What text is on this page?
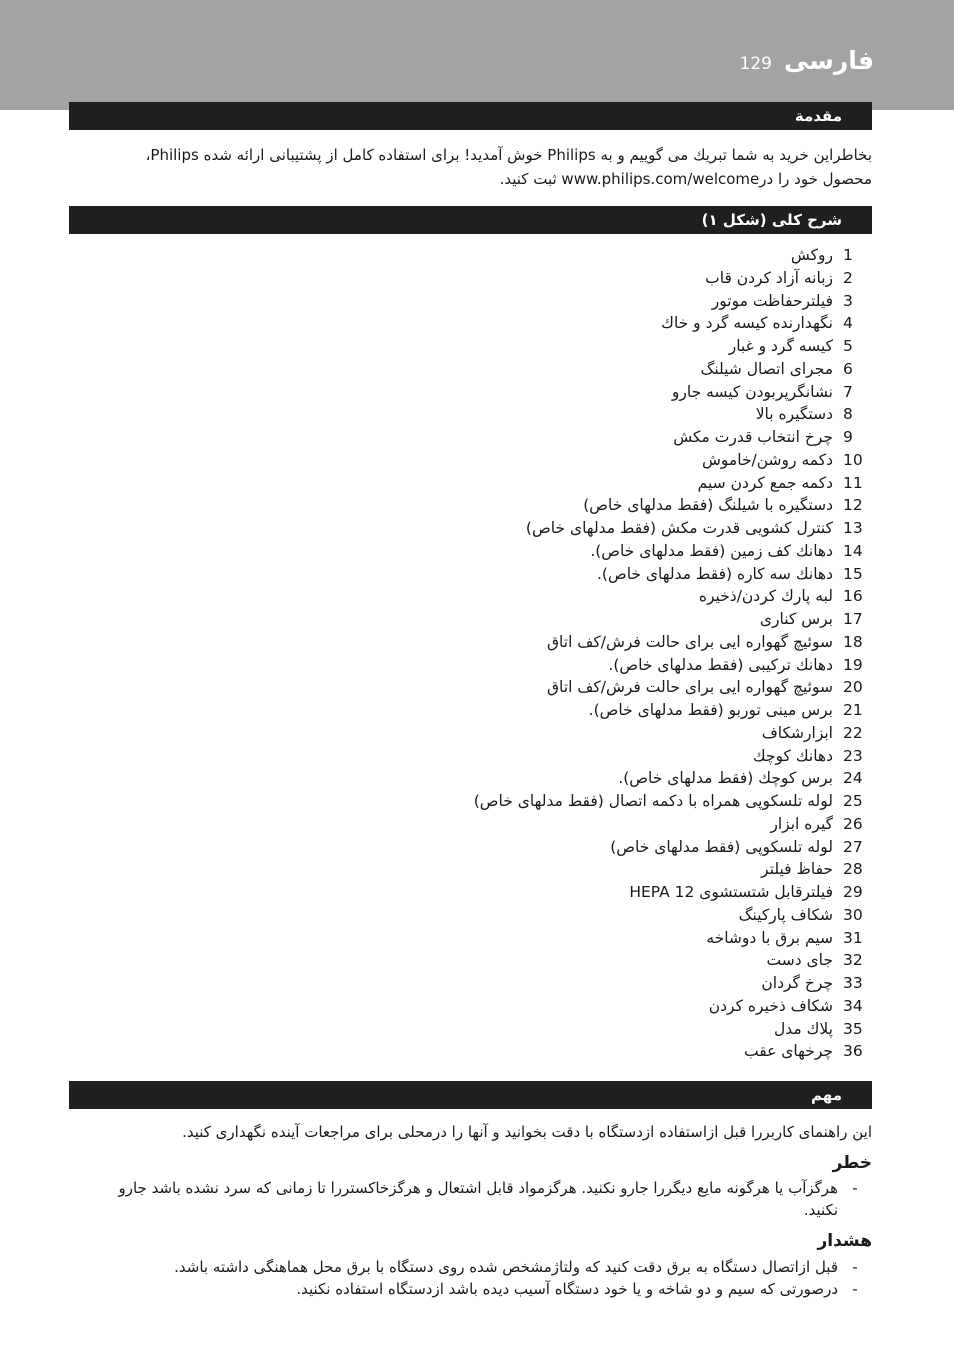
فارسی
129
مقدمة
بخاطراین خرید به شما تبریك می گوییم و به Philips خوش آمدید! برای استفاده كامل از پشتیبانی ارائه شده Philips،
محصول خود را درwww.philips.com/welcome ثبت كنید.
شرح کلی (شکل ۱)
1
روكش
2
زبانه آزاد كردن قاب
3
فیلترحفاظت موتور
4
نگهدارنده كیسه گرد و خاك
5
كیسه گرد و غبار
6
مجرای اتصال شیلنگ
7
نشانگرپربودن كیسه جارو
8
دستگیره بالا
9
چرخ انتخاب قدرت مكش
10
دكمه روشن/خاموش
11
دكمه جمع كردن سیم
12
دستگیره با شیلنگ (فقط مدلهای خاص)
13
كنترل كشویی قدرت مكش (فقط مدلهای خاص)
14
دهانك كف زمین (فقط مدلهای خاص).
15
دهانك سه كاره (فقط مدلهای خاص).
16
لبه پارك كردن/ذخیره
17
برس كناری
18
سوئیچ گهواره ایی برای حالت فرش/كف اتاق
19
دهانك تركیبی (فقط مدلهای خاص).
20
سوئیچ گهواره ایی برای حالت فرش/كف اتاق
21
برس مینی توربو (فقط مدلهای خاص).
22
ابزارشكاف
23
دهانك كوچك
24
برس كوچك (فقط مدلهای خاص).
25
لوله تلسكوپی همراه با دكمه اتصال (فقط مدلهای خاص)
26
گیره ابزار
27
لوله تلسكوپی (فقط مدلهای خاص)
28
حفاظ فیلتر
29
فیلترقابل شتستشوی HEPA 12
30
شكاف پاركینگ
31
سیم برق با دوشاخه
32
جای دست
33
چرخ گردان
34
شكاف ذخیره كردن
35
پلاك مدل
36
چرخهای عقب
مهم
این راهنمای كاربررا قبل ازاستفاده ازدستگاه با دقت بخوانید و آنها را درمحلی برای مراجعات آینده نگهداری كنید.
خطر
-
هرگزآب یا هرگونه مایع دیگررا جارو نكنید. هرگزمواد قابل اشتعال و هرگزخاكستررا تا زمانی كه سرد نشده باشد جارو
نكنید.
هشدار
-
قبل ازاتصال دستگاه به برق دقت كنید كه ولتاژمشخص شده روی دستگاه با برق محل هماهنگی داشته باشد.
-
درصورتی كه سیم و دو شاخه و یا خود دستگاه آسیب دیده باشد ازدستگاه استفاده نكنید.
